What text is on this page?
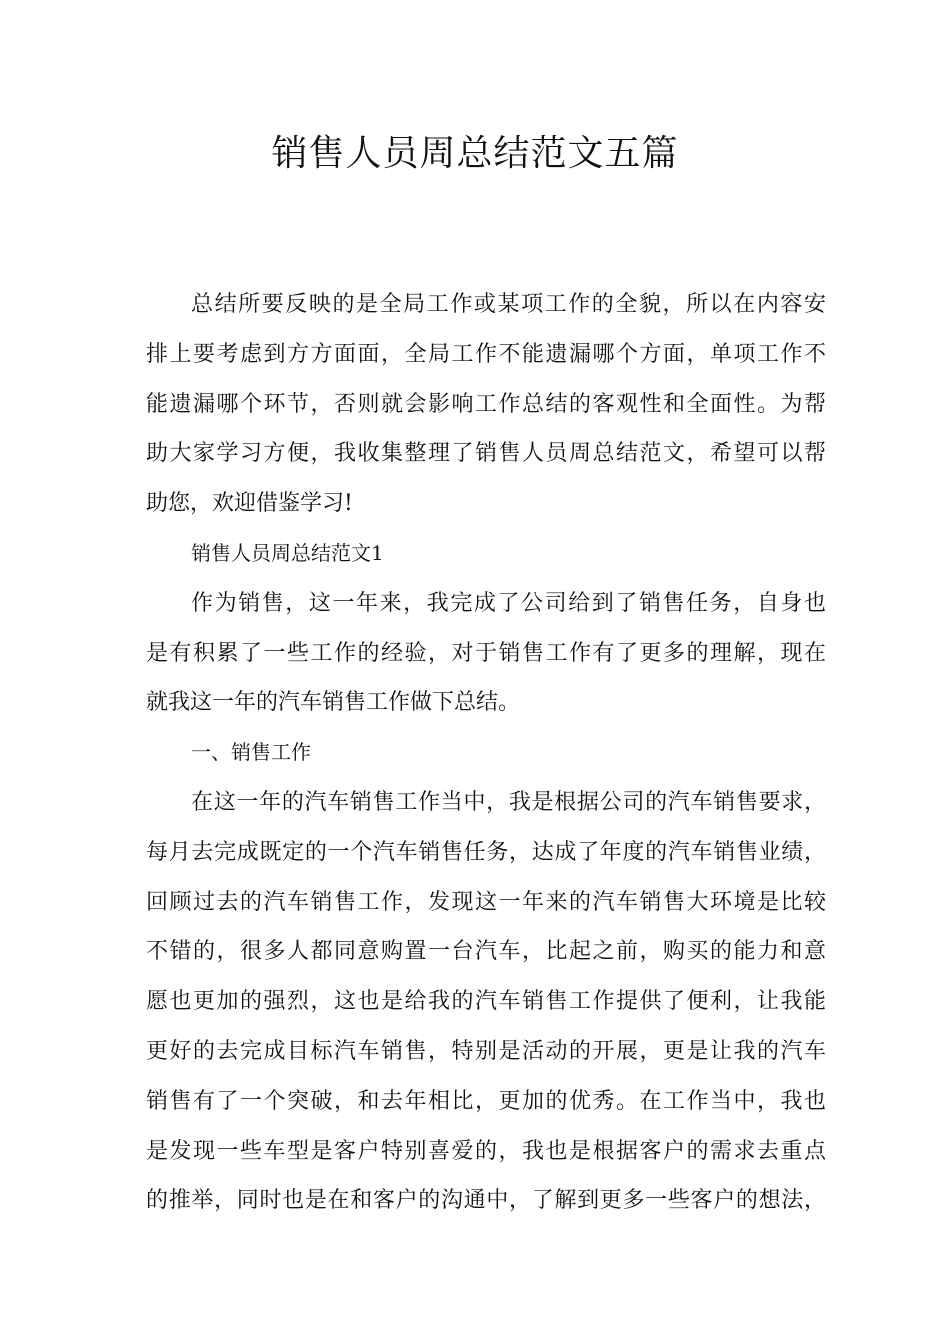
销售人员周总结范文五篇
总结所要反映的是全局工作或某项工作的全貌，所以在内容安
排上要考虑到方方面面，全局工作不能遗漏哪个方面，单项工作不
能遗漏哪个环节，否则就会影响工作总结的客观性和全面性。为帮
助大家学习方便，我收集整理了销售人员周总结范文，希望可以帮
助您，欢迎借鉴学习!
销售人员周总结范文1
作为销售，这一年来，我完成了公司给到了销售任务，自身也
是有积累了一些工作的经验，对于销售工作有了更多的理解，现在
就我这一年的汽车销售工作做下总结。
一、销售工作
在这一年的汽车销售工作当中，我是根据公司的汽车销售要求，
每月去完成既定的一个汽车销售任务，达成了年度的汽车销售业绩，
回顾过去的汽车销售工作，发现这一年来的汽车销售大环境是比较
不错的，很多人都同意购置一台汽车，比起之前，购买的能力和意
愿也更加的强烈，这也是给我的汽车销售工作提供了便利，让我能
更好的去完成目标汽车销售，特别是活动的开展，更是让我的汽车
销售有了一个突破，和去年相比，更加的优秀。在工作当中，我也
是发现一些车型是客户特别喜爱的，我也是根据客户的需求去重点
的推举，同时也是在和客户的沟通中，了解到更多一些客户的想法，
